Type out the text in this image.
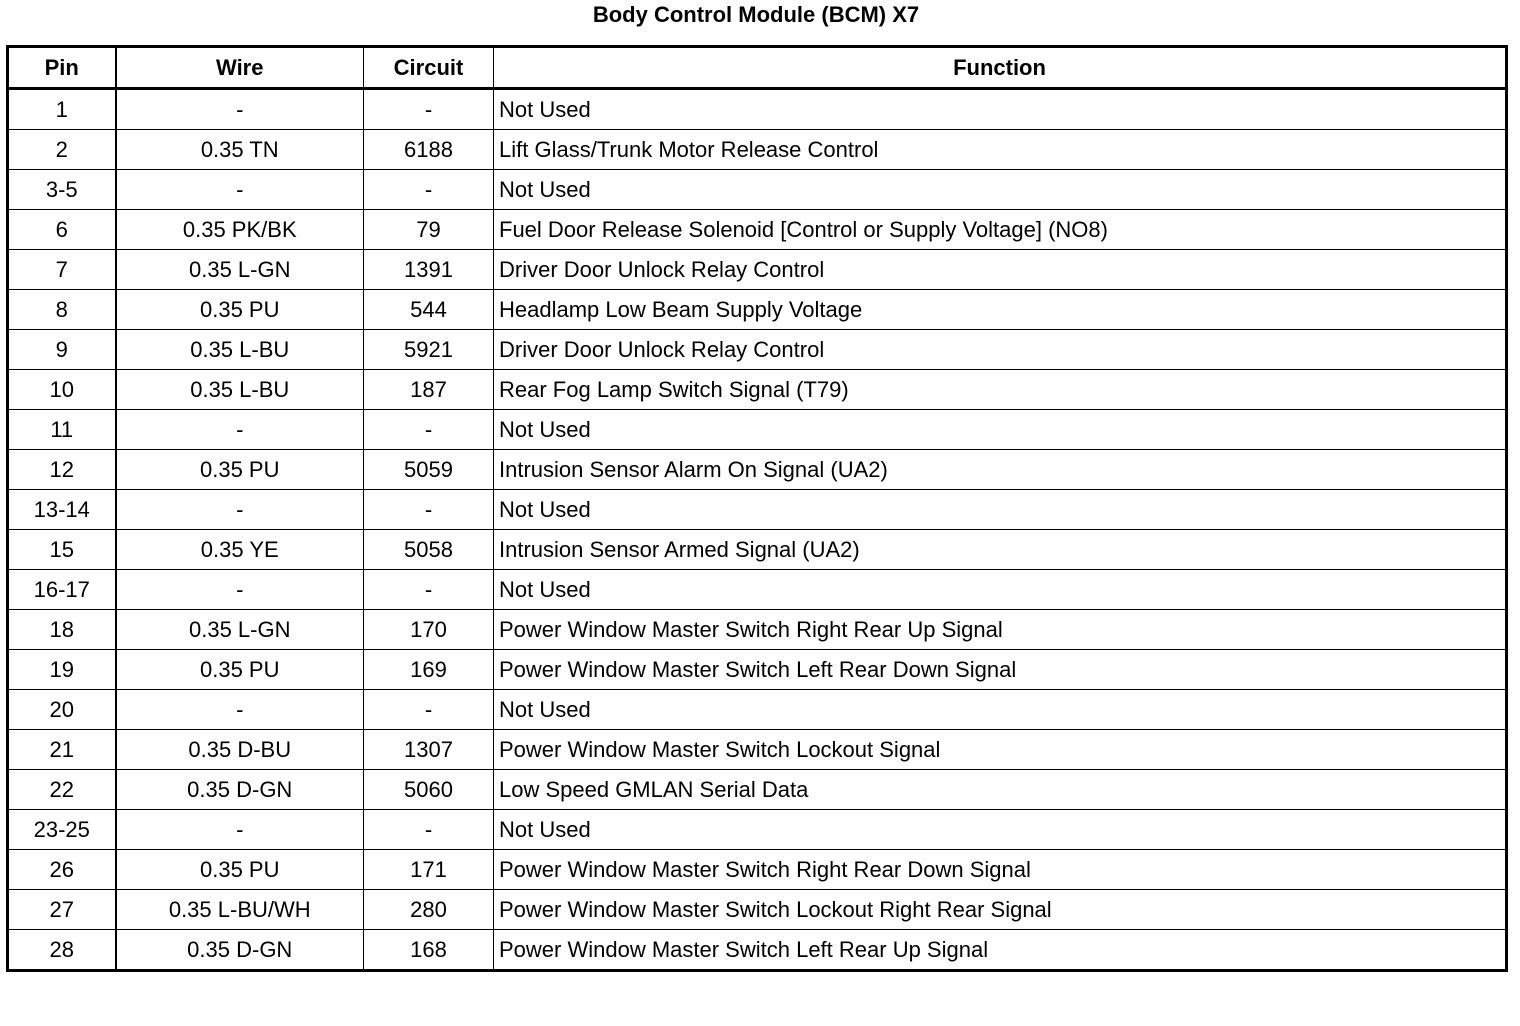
Body Control Module (BCM) X7
Pin	Wire	Circuit	Function
1	-	-	Not Used
2	0.35 TN	6188	Lift Glass/Trunk Motor Release Control
3-5	-	-	Not Used
6	0.35 PK/BK	79	Fuel Door Release Solenoid [Control or Supply Voltage] (NO8)
7	0.35 L-GN	1391	Driver Door Unlock Relay Control
8	0.35 PU	544	Headlamp Low Beam Supply Voltage
9	0.35 L-BU	5921	Driver Door Unlock Relay Control
10	0.35 L-BU	187	Rear Fog Lamp Switch Signal (T79)
11	-	-	Not Used
12	0.35 PU	5059	Intrusion Sensor Alarm On Signal (UA2)
13-14	-	-	Not Used
15	0.35 YE	5058	Intrusion Sensor Armed Signal (UA2)
16-17	-	-	Not Used
18	0.35 L-GN	170	Power Window Master Switch Right Rear Up Signal
19	0.35 PU	169	Power Window Master Switch Left Rear Down Signal
20	-	-	Not Used
21	0.35 D-BU	1307	Power Window Master Switch Lockout Signal
22	0.35 D-GN	5060	Low Speed GMLAN Serial Data
23-25	-	-	Not Used
26	0.35 PU	171	Power Window Master Switch Right Rear Down Signal
27	0.35 L-BU/WH	280	Power Window Master Switch Lockout Right Rear Signal
28	0.35 D-GN	168	Power Window Master Switch Left Rear Up Signal
